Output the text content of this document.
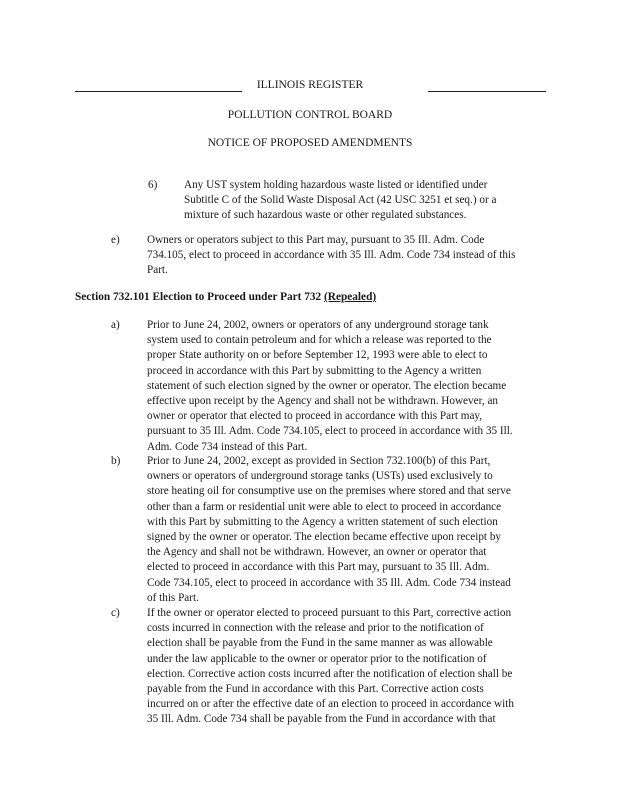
ILLINOIS REGISTER
POLLUTION CONTROL BOARD
NOTICE OF PROPOSED AMENDMENTS
6) Any UST system holding hazardous waste listed or identified under
Subtitle C of the Solid Waste Disposal Act (42 USC 3251 et seq.) or a
mixture of such hazardous waste or other regulated substances.
e) Owners or operators subject to this Part may, pursuant to 35 Ill. Adm. Code
734.105, elect to proceed in accordance with 35 Ill. Adm. Code 734 instead of this
Part.
Section 732.101 Election to Proceed under Part 732 (Repealed)
a) Prior to June 24, 2002, owners or operators of any underground storage tank
system used to contain petroleum and for which a release was reported to the
proper State authority on or before September 12, 1993 were able to elect to
proceed in accordance with this Part by submitting to the Agency a written
statement of such election signed by the owner or operator. The election became
effective upon receipt by the Agency and shall not be withdrawn. However, an
owner or operator that elected to proceed in accordance with this Part may,
pursuant to 35 Ill. Adm. Code 734.105, elect to proceed in accordance with 35 Ill.
Adm. Code 734 instead of this Part.
b) Prior to June 24, 2002, except as provided in Section 732.100(b) of this Part,
owners or operators of underground storage tanks (USTs) used exclusively to
store heating oil for consumptive use on the premises where stored and that serve
other than a farm or residential unit were able to elect to proceed in accordance
with this Part by submitting to the Agency a written statement of such election
signed by the owner or operator. The election became effective upon receipt by
the Agency and shall not be withdrawn. However, an owner or operator that
elected to proceed in accordance with this Part may, pursuant to 35 Ill. Adm.
Code 734.105, elect to proceed in accordance with 35 Ill. Adm. Code 734 instead
of this Part.
c) If the owner or operator elected to proceed pursuant to this Part, corrective action
costs incurred in connection with the release and prior to the notification of
election shall be payable from the Fund in the same manner as was allowable
under the law applicable to the owner or operator prior to the notification of
election. Corrective action costs incurred after the notification of election shall be
payable from the Fund in accordance with this Part. Corrective action costs
incurred on or after the effective date of an election to proceed in accordance with
35 Ill. Adm. Code 734 shall be payable from the Fund in accordance with that
